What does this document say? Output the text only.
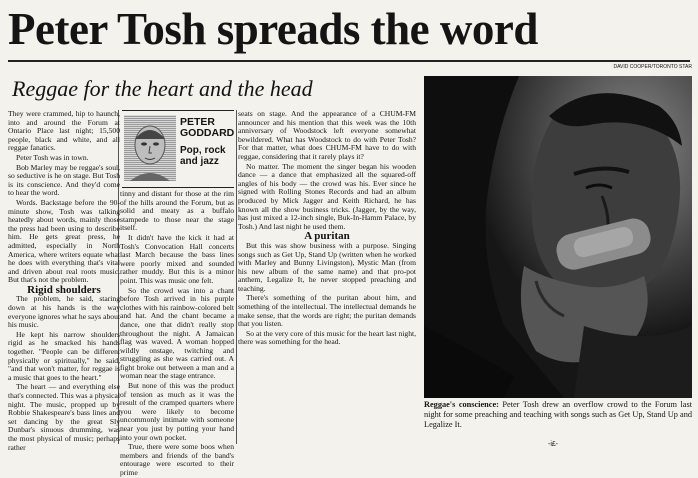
Peter Tosh spreads the word
DAVID COOPER/TORONTO STAR
Reggae for the heart and the head

They were crammed, hip to haunch, into and around the Forum at Ontario Place last night; 15,500 people, black and white, and all reggae fanatics.

Peter Tosh was in town.

Bob Marley may be reggae's soul, so seductive is he on stage. But Tosh is its conscience. And they'd come to hear the word.

Words. Backstage before the 90-minute show, Tosh was talking heatedly about words, mainly those the press had been using to describe him. He gets great press, he admitted, especially in North America, where writers equate what he does with everything that's vital and driven about real roots music. But that's not the problem.

Rigid shoulders

The problem, he said, staring down at his hands is the way everyone ignores what he says about his music.

He kept his narrow shoulders rigid as he smacked his hands together. "People can be different physically or spiritually," he said, "and that won't matter, for reggae is a music that goes to the heart."

The heart — and everything else that's connected. This was a physical night. The music, propped up by Robbie Shakespeare's bass lines and set dancing by the great Sly Dunbar's sinuous drumming, was the most physical of music; perhaps rather

PETER GODDARD
Pop, rock and jazz

tinny and distant for those at the rim of the hills around the Forum, but as solid and meaty as a buffalo stampede to those near the stage itself.

It didn't have the kick it had at Tosh's Convocation Hall concerts last March because the bass lines were poorly mixed and sounded rather muddy. But this is a minor point. This was music one felt.

So the crowd was into a chant before Tosh arrived in his purple clothes with his rainbow-colored belt and hat. And the chant became a dance, one that didn't really stop throughout the night. A Jamaican flag was waved. A woman hopped wildly onstage, twitching and struggling as she was carried out. A fight broke out between a man and a woman near the stage entrance.

But none of this was the product of tension as much as it was the result of the cramped quarters where you were likely to become uncommonly intimate with someone near you just by putting your hand into your own pocket.

True, there were some boos when members and friends of the band's entourage were escorted to their prime

seats on stage. And the appearance of a CHUM-FM announcer and his mention that this week was the 10th anniversary of Woodstock left everyone somewhat bewildered. What has Woodstock to do with Peter Tosh? For that matter, what does CHUM-FM have to do with reggae, considering that it rarely plays it?

No matter. The moment the singer began his wooden dance — a dance that emphasized all the squared-off angles of his body — the crowd was his. Ever since he signed with Rolling Stones Records and had an album produced by Mick Jagger and Keith Richard, he has known all the show business tricks. (Jagger, by the way, has just mixed a 12-inch single, Buk-In-Hamm Palace, by Tosh.) And last night he used them.

A puritan

But this was show business with a purpose. Singing songs such as Get Up, Stand Up (written when he worked with Marley and Bunny Livingston), Mystic Man (from his new album of the same name) and that pro-pot anthem, Legalize It, he never stopped preaching and teaching.

There's something of the puritan about him, and something of the intellectual. The intellectual demands he make sense, that the words are right; the puritan demands that you listen.

So at the very core of this music for the heart last night, there was something for the head.

Reggae's conscience: Peter Tosh drew an overflow crowd to the Forum last night for some preaching and teaching with songs such as Get Up, Stand Up and Legalize It.
-i£-
